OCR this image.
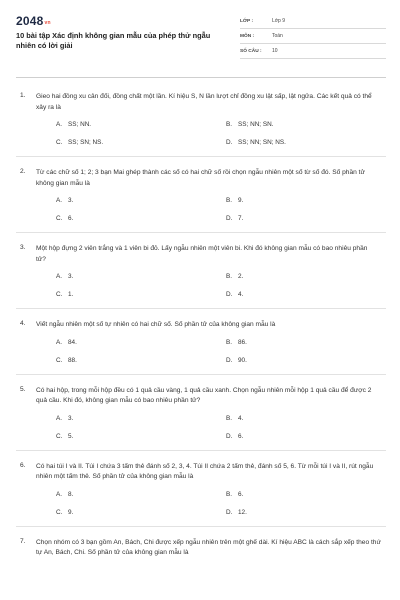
$2048^{vn}$
10 bài tập Xác định không gian mẫu của phép thử ngẫu nhiên có lời giải
LỚP :	Lớp 9
MÔN :	Toán
SỐ CÂU :	10
1. Gieo hai đồng xu cân đối, đồng chất một lần. Kí hiệu S, N lần lượt chỉ đồng xu lật sấp, lật ngửa. Các kết quả có thể xảy ra là
A. SS; NN.	B. SS; NN; SN.
C. SS; SN; NS.	D. SS; NN; SN; NS.
2. Từ các chữ số 1; 2; 3 bạn Mai ghép thành các số có hai chữ số rồi chọn ngẫu nhiên một số từ số đó. Số phần tử không gian mẫu là
A. 3.	B. 9.
C. 6.	D. 7.
3. Một hộp đựng 2 viên trắng và 1 viên bi đỏ. Lấy ngẫu nhiên một viên bi. Khi đó không gian mẫu có bao nhiêu phần tử?
A. 3.	B. 2.
C. 1.	D. 4.
4. Viết ngẫu nhiên một số tự nhiên có hai chữ số. Số phần tử của không gian mẫu là
A. 84.	B. 86.
C. 88.	D. 90.
5. Có hai hộp, trong mỗi hộp đều có 1 quả cầu vàng, 1 quả cầu xanh. Chọn ngẫu nhiên mỗi hộp 1 quả cầu để được 2 quả cầu. Khi đó, không gian mẫu có bao nhiêu phần tử?
A. 3.	B. 4.
C. 5.	D. 6.
6. Có hai túi I và II. Túi I chứa 3 tấm thẻ đánh số 2, 3, 4. Túi II chứa 2 tấm thẻ, đánh số 5, 6. Từ mỗi túi I và II, rút ngẫu nhiên một tấm thẻ. Số phần tử của không gian mẫu là
A. 8.	B. 6.
C. 9.	D. 12.
7. Chọn nhóm có 3 bạn gồm An, Bách, Chi được xếp ngẫu nhiên trên một ghế dài. Kí hiệu ABC là cách sắp xếp theo thứ tự An, Bách, Chi. Số phần tử của không gian mẫu là
